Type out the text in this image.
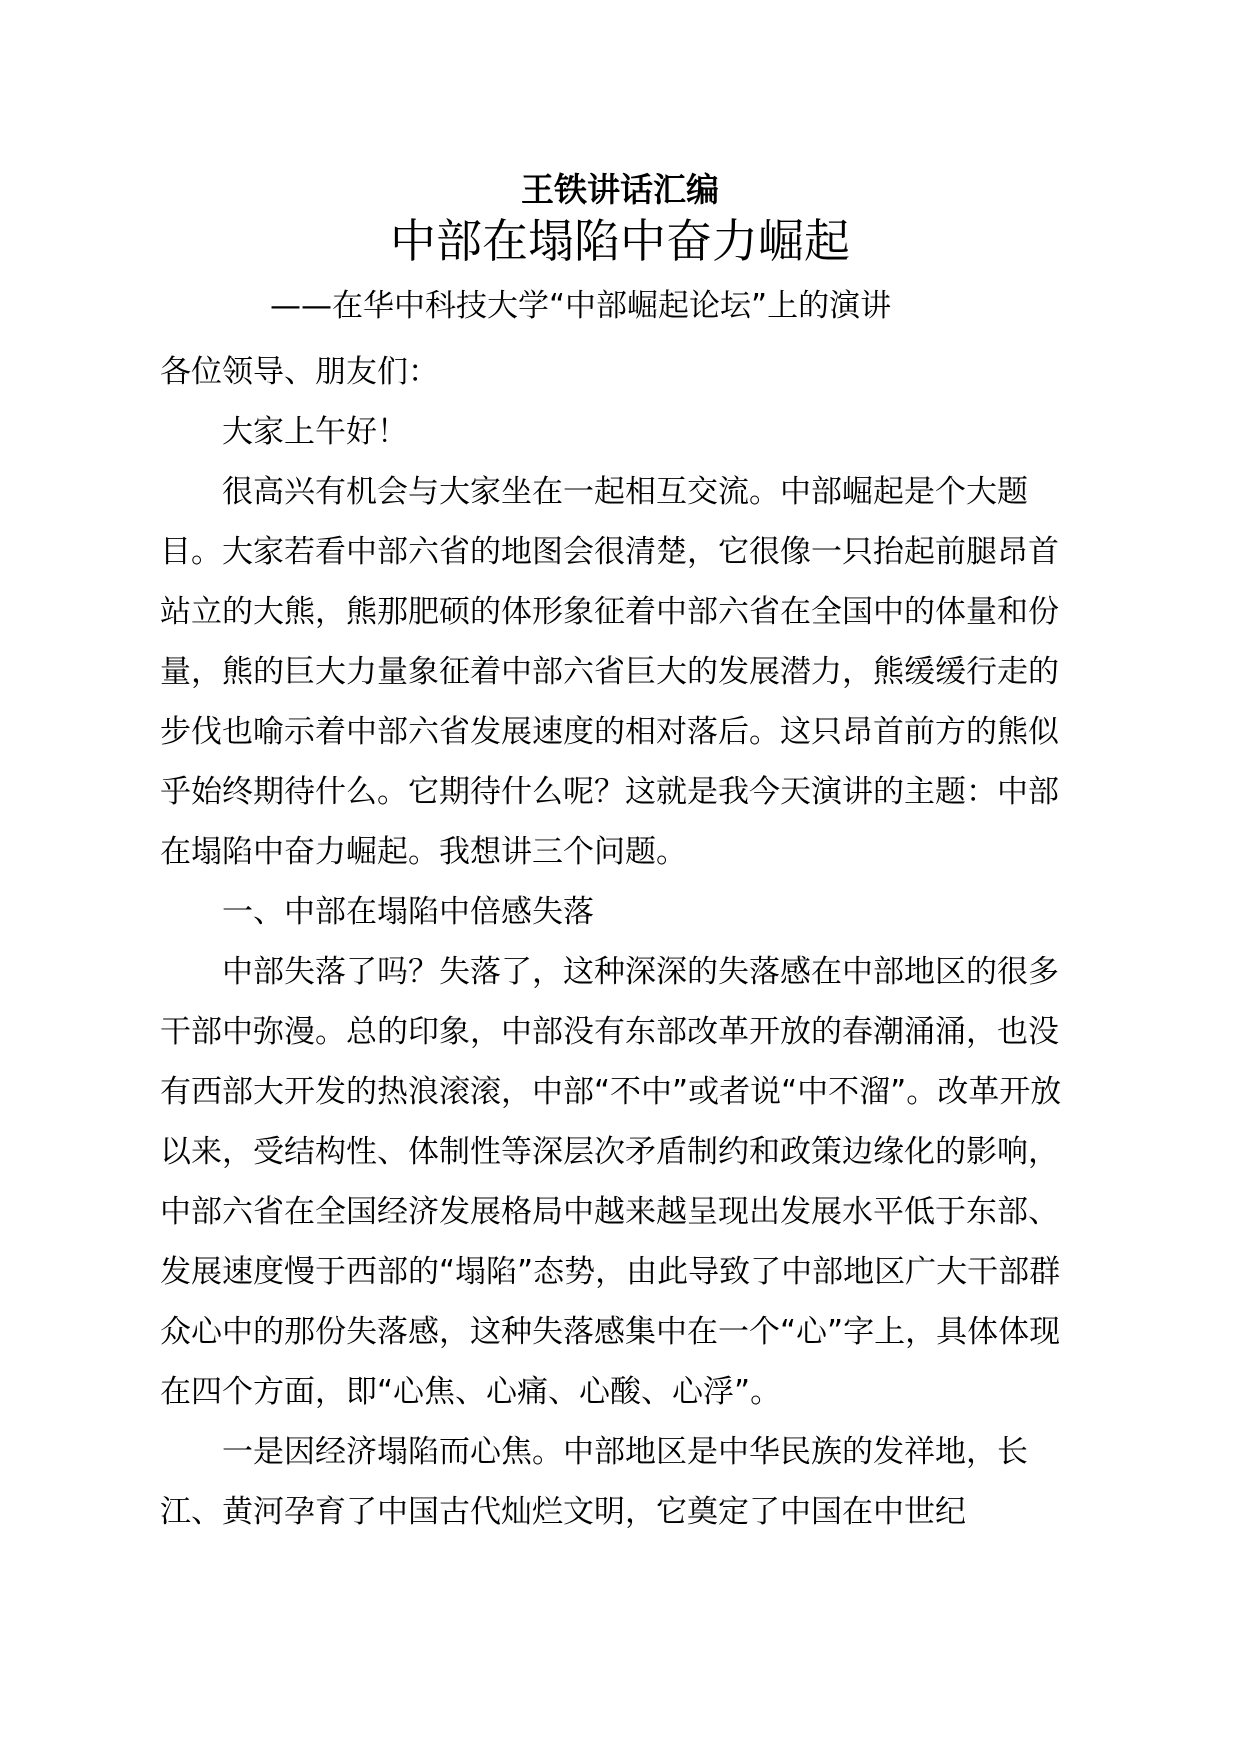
王铁讲话汇编
中部在塌陷中奋力崛起
——在华中科技大学“中部崛起论坛”上的演讲

各位领导、朋友们：

大家上午好！

很高兴有机会与大家坐在一起相互交流。中部崛起是个大题目。大家若看中部六省的地图会很清楚，它很像一只抬起前腿昂首站立的大熊，熊那肥硕的体形象征着中部六省在全国中的体量和份量，熊的巨大力量象征着中部六省巨大的发展潜力，熊缓缓行走的步伐也喻示着中部六省发展速度的相对落后。这只昂首前方的熊似乎始终期待什么。它期待什么呢？这就是我今天演讲的主题：中部在塌陷中奋力崛起。我想讲三个问题。

一、中部在塌陷中倍感失落

中部失落了吗？失落了，这种深深的失落感在中部地区的很多干部中弥漫。总的印象，中部没有东部改革开放的春潮涌涌，也没有西部大开发的热浪滚滚，中部“不中”或者说“中不溜”。改革开放以来，受结构性、体制性等深层次矛盾制约和政策边缘化的影响，中部六省在全国经济发展格局中越来越呈现出发展水平低于东部、发展速度慢于西部的“塌陷”态势，由此导致了中部地区广大干部群众心中的那份失落感，这种失落感集中在一个“心”字上，具体体现在四个方面，即“心焦、心痛、心酸、心浮”。

一是因经济塌陷而心焦。中部地区是中华民族的发祥地，长江、黄河孕育了中国古代灿烂文明，它奠定了中国在中世纪
